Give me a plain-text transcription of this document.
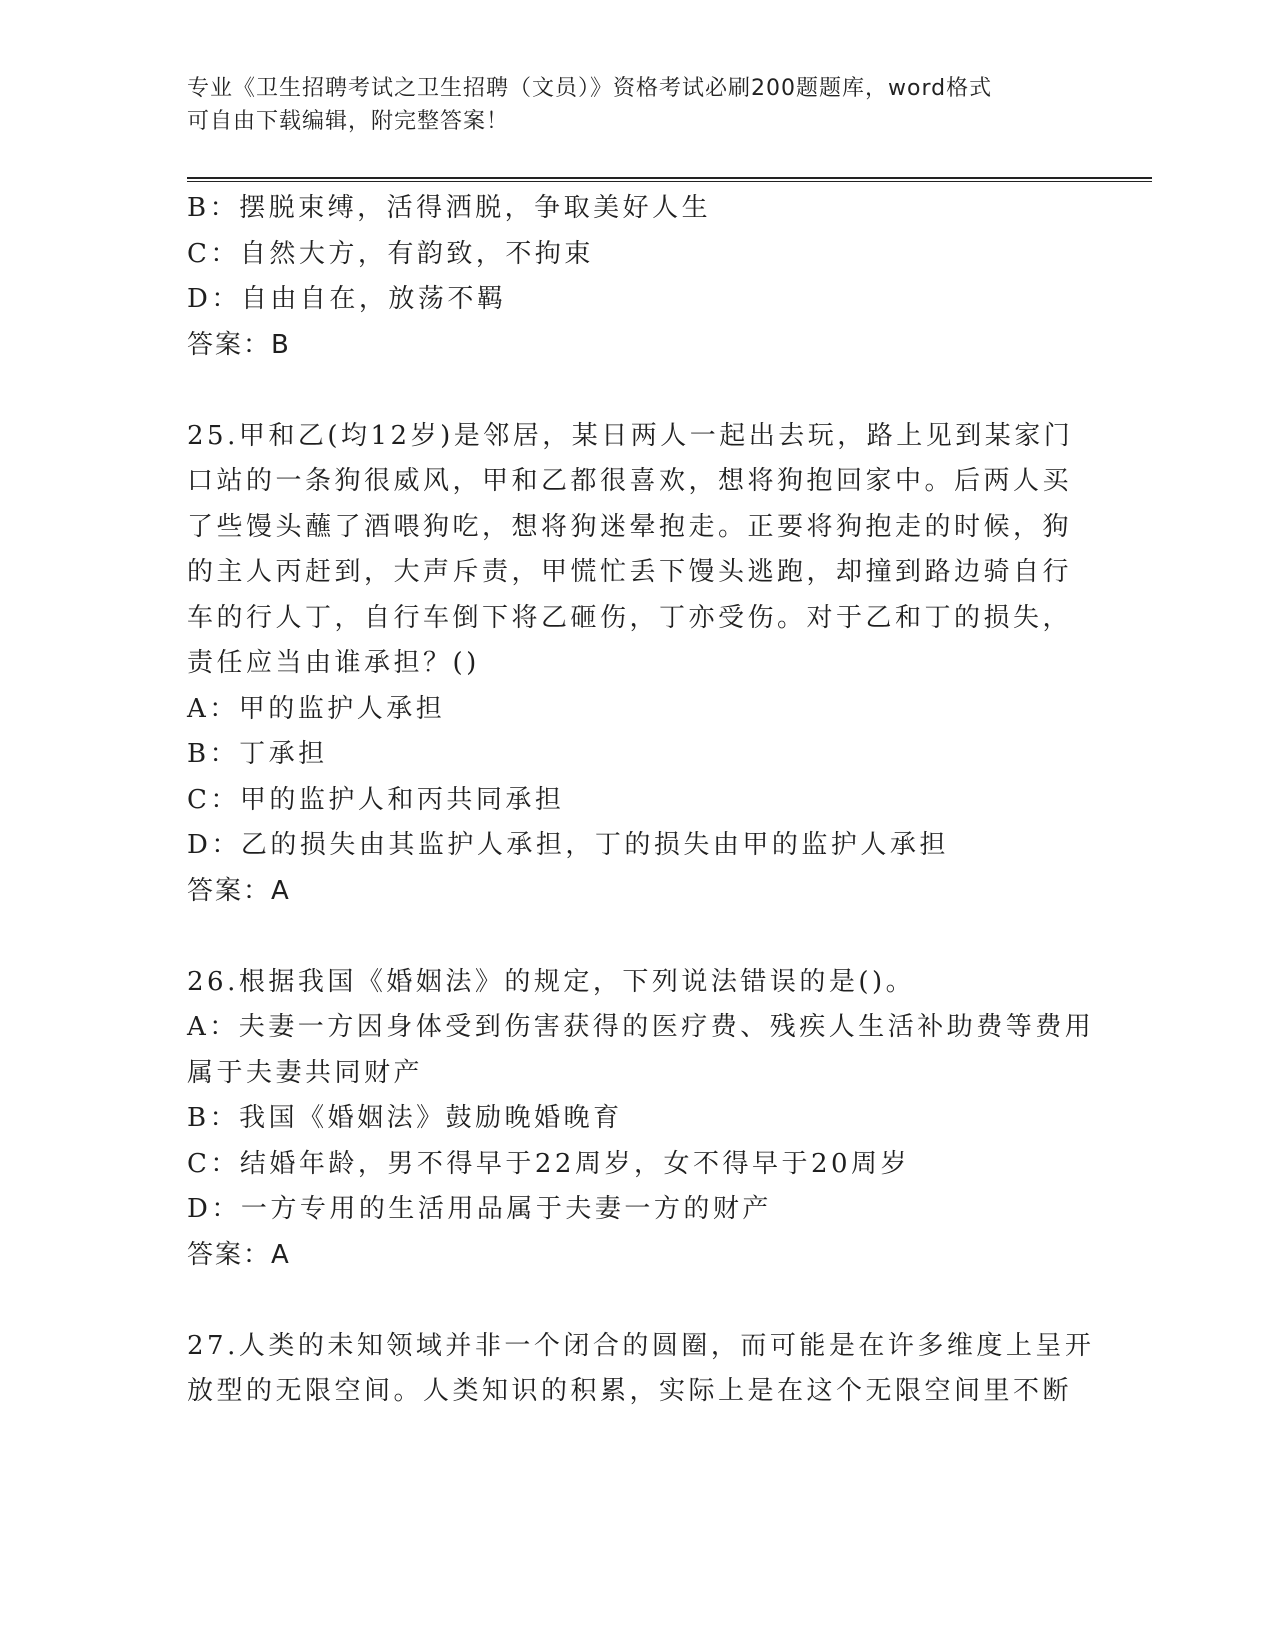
专业《卫生招聘考试之卫生招聘（文员）》资格考试必刷200题题库，word格式
可自由下载编辑，附完整答案！
B：摆脱束缚，活得洒脱，争取美好人生
C：自然大方，有韵致，不拘束
D：自由自在，放荡不羁
答案：B
25.甲和乙(均12岁)是邻居，某日两人一起出去玩，路上见到某家门
口站的一条狗很威风，甲和乙都很喜欢，想将狗抱回家中。后两人买
了些馒头蘸了酒喂狗吃，想将狗迷晕抱走。正要将狗抱走的时候，狗
的主人丙赶到，大声斥责，甲慌忙丢下馒头逃跑，却撞到路边骑自行
车的行人丁，自行车倒下将乙砸伤，丁亦受伤。对于乙和丁的损失，
责任应当由谁承担？()
A：甲的监护人承担
B：丁承担
C：甲的监护人和丙共同承担
D：乙的损失由其监护人承担，丁的损失由甲的监护人承担
答案：A
26.根据我国《婚姻法》的规定，下列说法错误的是()。
A：夫妻一方因身体受到伤害获得的医疗费、残疾人生活补助费等费用
属于夫妻共同财产
B：我国《婚姻法》鼓励晚婚晚育
C：结婚年龄，男不得早于22周岁，女不得早于20周岁
D：一方专用的生活用品属于夫妻一方的财产
答案：A
27.人类的未知领域并非一个闭合的圆圈，而可能是在许多维度上呈开
放型的无限空间。人类知识的积累，实际上是在这个无限空间里不断
